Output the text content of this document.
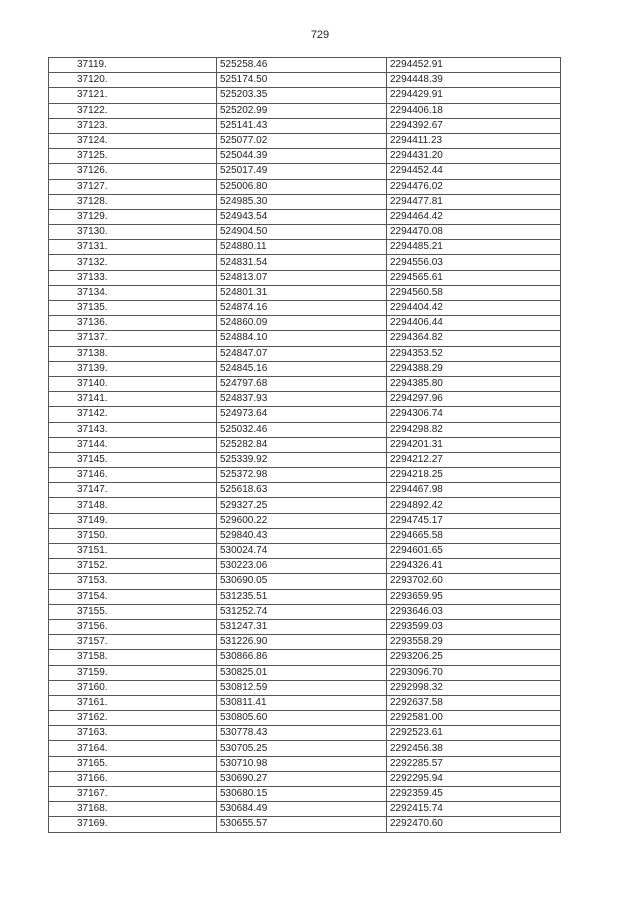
729
37119.	525258.46	2294452.91
37120.	525174.50	2294448.39
37121.	525203.35	2294429.91
37122.	525202.99	2294406.18
37123.	525141.43	2294392.67
37124.	525077.02	2294411.23
37125.	525044.39	2294431.20
37126.	525017.49	2294452.44
37127.	525006.80	2294476.02
37128.	524985.30	2294477.81
37129.	524943.54	2294464.42
37130.	524904.50	2294470.08
37131.	524880.11	2294485.21
37132.	524831.54	2294556.03
37133.	524813.07	2294565.61
37134.	524801.31	2294560.58
37135.	524874.16	2294404.42
37136.	524860.09	2294406.44
37137.	524884.10	2294364.82
37138.	524847.07	2294353.52
37139.	524845.16	2294388.29
37140.	524797.68	2294385.80
37141.	524837.93	2294297.96
37142.	524973.64	2294306.74
37143.	525032.46	2294298.82
37144.	525282.84	2294201.31
37145.	525339.92	2294212.27
37146.	525372.98	2294218.25
37147.	525618.63	2294467.98
37148.	529327.25	2294892.42
37149.	529600.22	2294745.17
37150.	529840.43	2294665.58
37151.	530024.74	2294601.65
37152.	530223.06	2294326.41
37153.	530690.05	2293702.60
37154.	531235.51	2293659.95
37155.	531252.74	2293646.03
37156.	531247.31	2293599.03
37157.	531226.90	2293558.29
37158.	530866.86	2293206.25
37159.	530825.01	2293096.70
37160.	530812.59	2292998.32
37161.	530811.41	2292637.58
37162.	530805.60	2292581.00
37163.	530778.43	2292523.61
37164.	530705.25	2292456.38
37165.	530710.98	2292285.57
37166.	530690.27	2292295.94
37167.	530680.15	2292359.45
37168.	530684.49	2292415.74
37169.	530655.57	2292470.60
